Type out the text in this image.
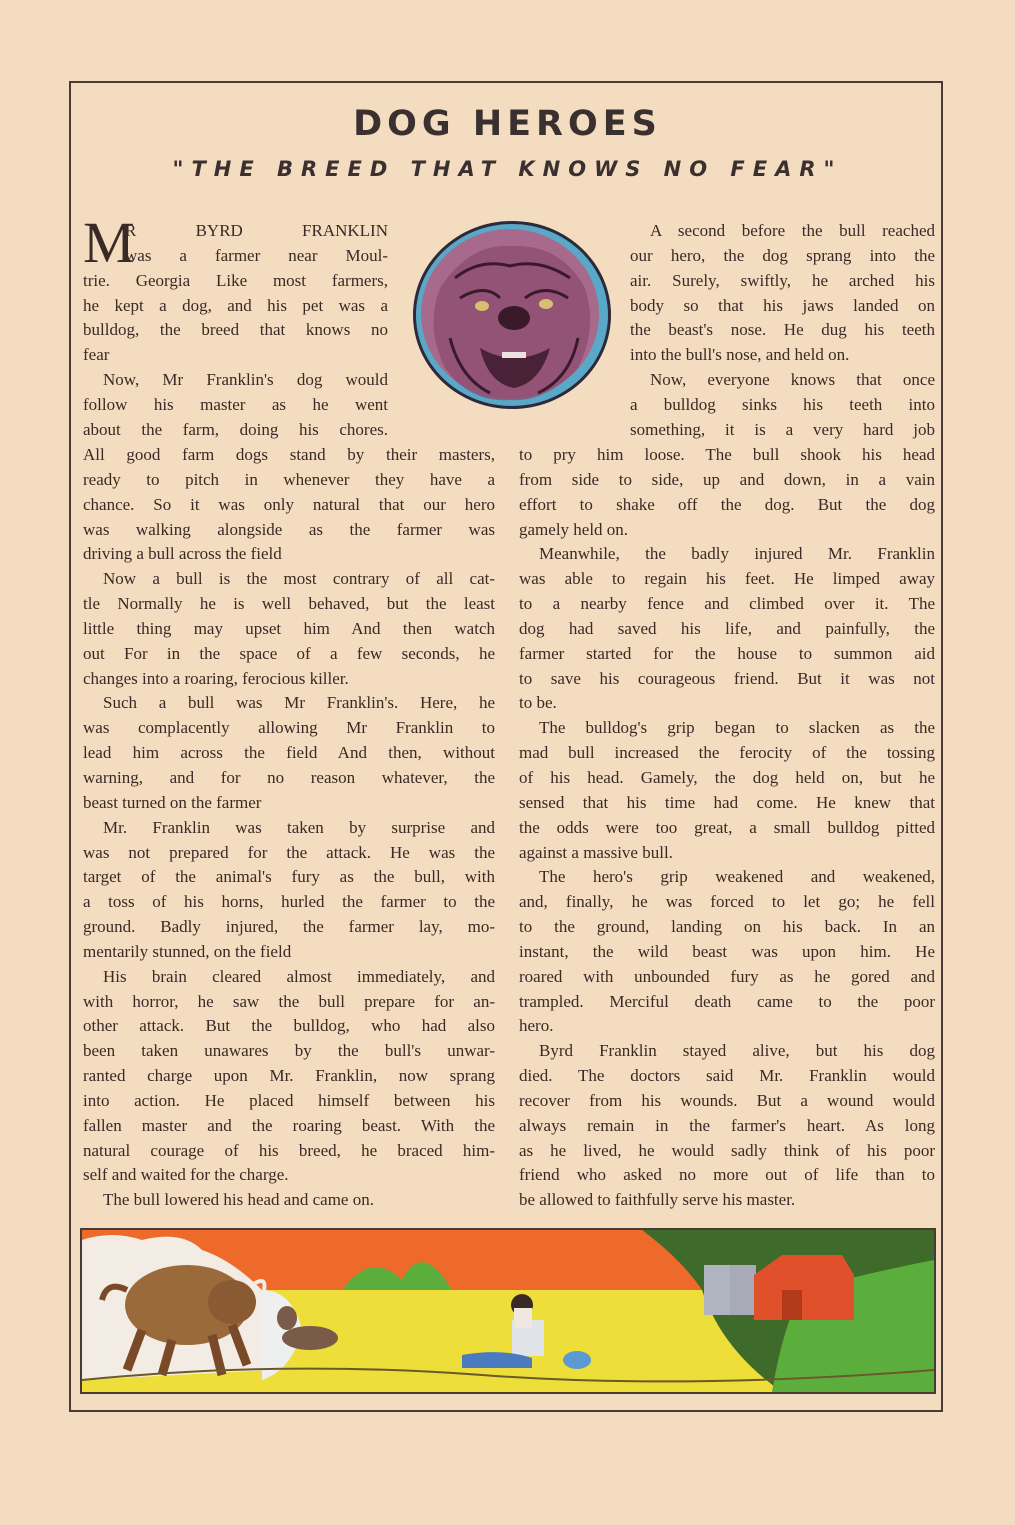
DOG HEROES
"THE BREED THAT KNOWS NO FEAR"
M
R BYRD FRANKLIN
was a farmer near Moul-
trie. Georgia Like most farmers,
he kept a dog, and his pet was a
bulldog, the breed that knows no
fear
Now, Mr Franklin's dog would
follow his master as he went
about the farm, doing his chores.
All good farm dogs stand by their masters,
ready to pitch in whenever they have a
chance. So it was only natural that our hero
was walking alongside as the farmer was
driving a bull across the field
Now a bull is the most contrary of all cat-
tle Normally he is well behaved, but the least
little thing may upset him And then watch
out For in the space of a few seconds, he
changes into a roaring, ferocious killer.
Such a bull was Mr Franklin's. Here, he
was complacently allowing Mr Franklin to
lead him across the field And then, without
warning, and for no reason whatever, the
beast turned on the farmer
Mr. Franklin was taken by surprise and
was not prepared for the attack. He was the
target of the animal's fury as the bull, with
a toss of his horns, hurled the farmer to the
ground. Badly injured, the farmer lay, mo-
mentarily stunned, on the field
His brain cleared almost immediately, and
with horror, he saw the bull prepare for an-
other attack. But the bulldog, who had also
been taken unawares by the bull's unwar-
ranted charge upon Mr. Franklin, now sprang
into action. He placed himself between his
fallen master and the roaring beast. With the
natural courage of his breed, he braced him-
self and waited for the charge.
The bull lowered his head and came on.
A second before the bull reached
our hero, the dog sprang into the
air. Surely, swiftly, he arched his
body so that his jaws landed on
the beast's nose. He dug his teeth
into the bull's nose, and held on.
Now, everyone knows that once
a bulldog sinks his teeth into
something, it is a very hard job
to pry him loose. The bull shook his head
from side to side, up and down, in a vain
effort to shake off the dog. But the dog
gamely held on.
Meanwhile, the badly injured Mr. Franklin
was able to regain his feet. He limped away
to a nearby fence and climbed over it. The
dog had saved his life, and painfully, the
farmer started for the house to summon aid
to save his courageous friend. But it was not
to be.
The bulldog's grip began to slacken as the
mad bull increased the ferocity of the tossing
of his head. Gamely, the dog held on, but he
sensed that his time had come. He knew that
the odds were too great, a small bulldog pitted
against a massive bull.
The hero's grip weakened and weakened,
and, finally, he was forced to let go; he fell
to the ground, landing on his back. In an
instant, the wild beast was upon him. He
roared with unbounded fury as he gored and
trampled. Merciful death came to the poor
hero.
Byrd Franklin stayed alive, but his dog
died. The doctors said Mr. Franklin would
recover from his wounds. But a wound would
always remain in the farmer's heart. As long
as he lived, he would sadly think of his poor
friend who asked no more out of life than to
be allowed to faithfully serve his master.
